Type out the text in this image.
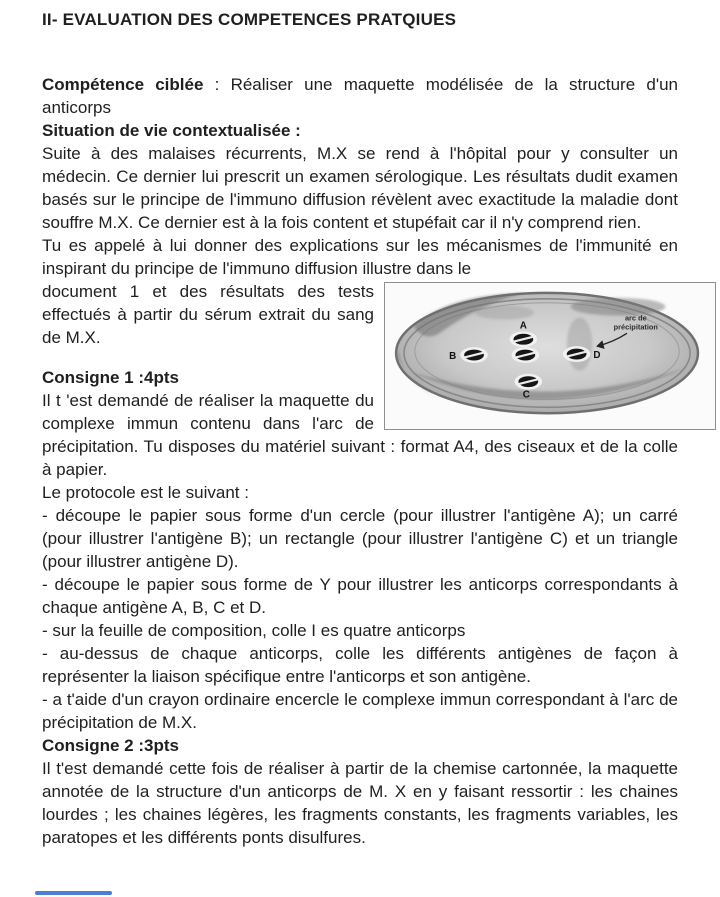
II- EVALUATION DES COMPETENCES PRATQIUES

Compétence ciblée : Réaliser une maquette modélisée de la structure d'un anticorps

Situation de vie contextualisée :

Suite à des malaises récurrents, M.X se rend à l'hôpital pour y consulter un médecin. Ce dernier lui prescrit un examen sérologique. Les résultats dudit examen basés sur le principe de l'immuno diffusion révèlent avec exactitude la maladie dont souffre M.X. Ce dernier est à la fois content et stupéfait car il n'y comprend rien.

Tu es appelé à lui donner des explications sur les mécanismes de l'immunité en inspirant du principe de l'immuno diffusion illustre dans le

A
B	D
C
arc de
précipitation

document 1 et des résultats des tests effectués à partir du sérum extrait du sang de M.X.

Consigne 1 :4pts

Il t 'est demandé de réaliser la maquette du complexe immun contenu dans l'arc de précipitation. Tu disposes du matériel suivant : format A4, des ciseaux et de la colle à papier.

Le protocole est le suivant :

- découpe le papier sous forme d'un cercle (pour illustrer l'antigène A); un carré (pour illustrer l'antigène B); un rectangle (pour illustrer l'antigène C) et un triangle (pour illustrer antigène D).

- découpe le papier sous forme de Y pour illustrer les anticorps correspondants à chaque antigène A, B, C et D.

- sur la feuille de composition, colle I es quatre anticorps

- au-dessus de chaque anticorps, colle les différents antigènes de façon à représenter la liaison spécifique entre l'anticorps et son antigène.

- a t'aide d'un crayon ordinaire encercle le complexe immun correspondant à l'arc de précipitation de M.X.

Consigne 2 :3pts

Il t'est demandé cette fois de réaliser à partir de la chemise cartonnée, la maquette annotée de la structure d'un anticorps de M. X en y faisant ressortir : les chaines lourdes ; les chaines légères, les fragments constants, les fragments variables, les paratopes et les différents ponts disulfures.
